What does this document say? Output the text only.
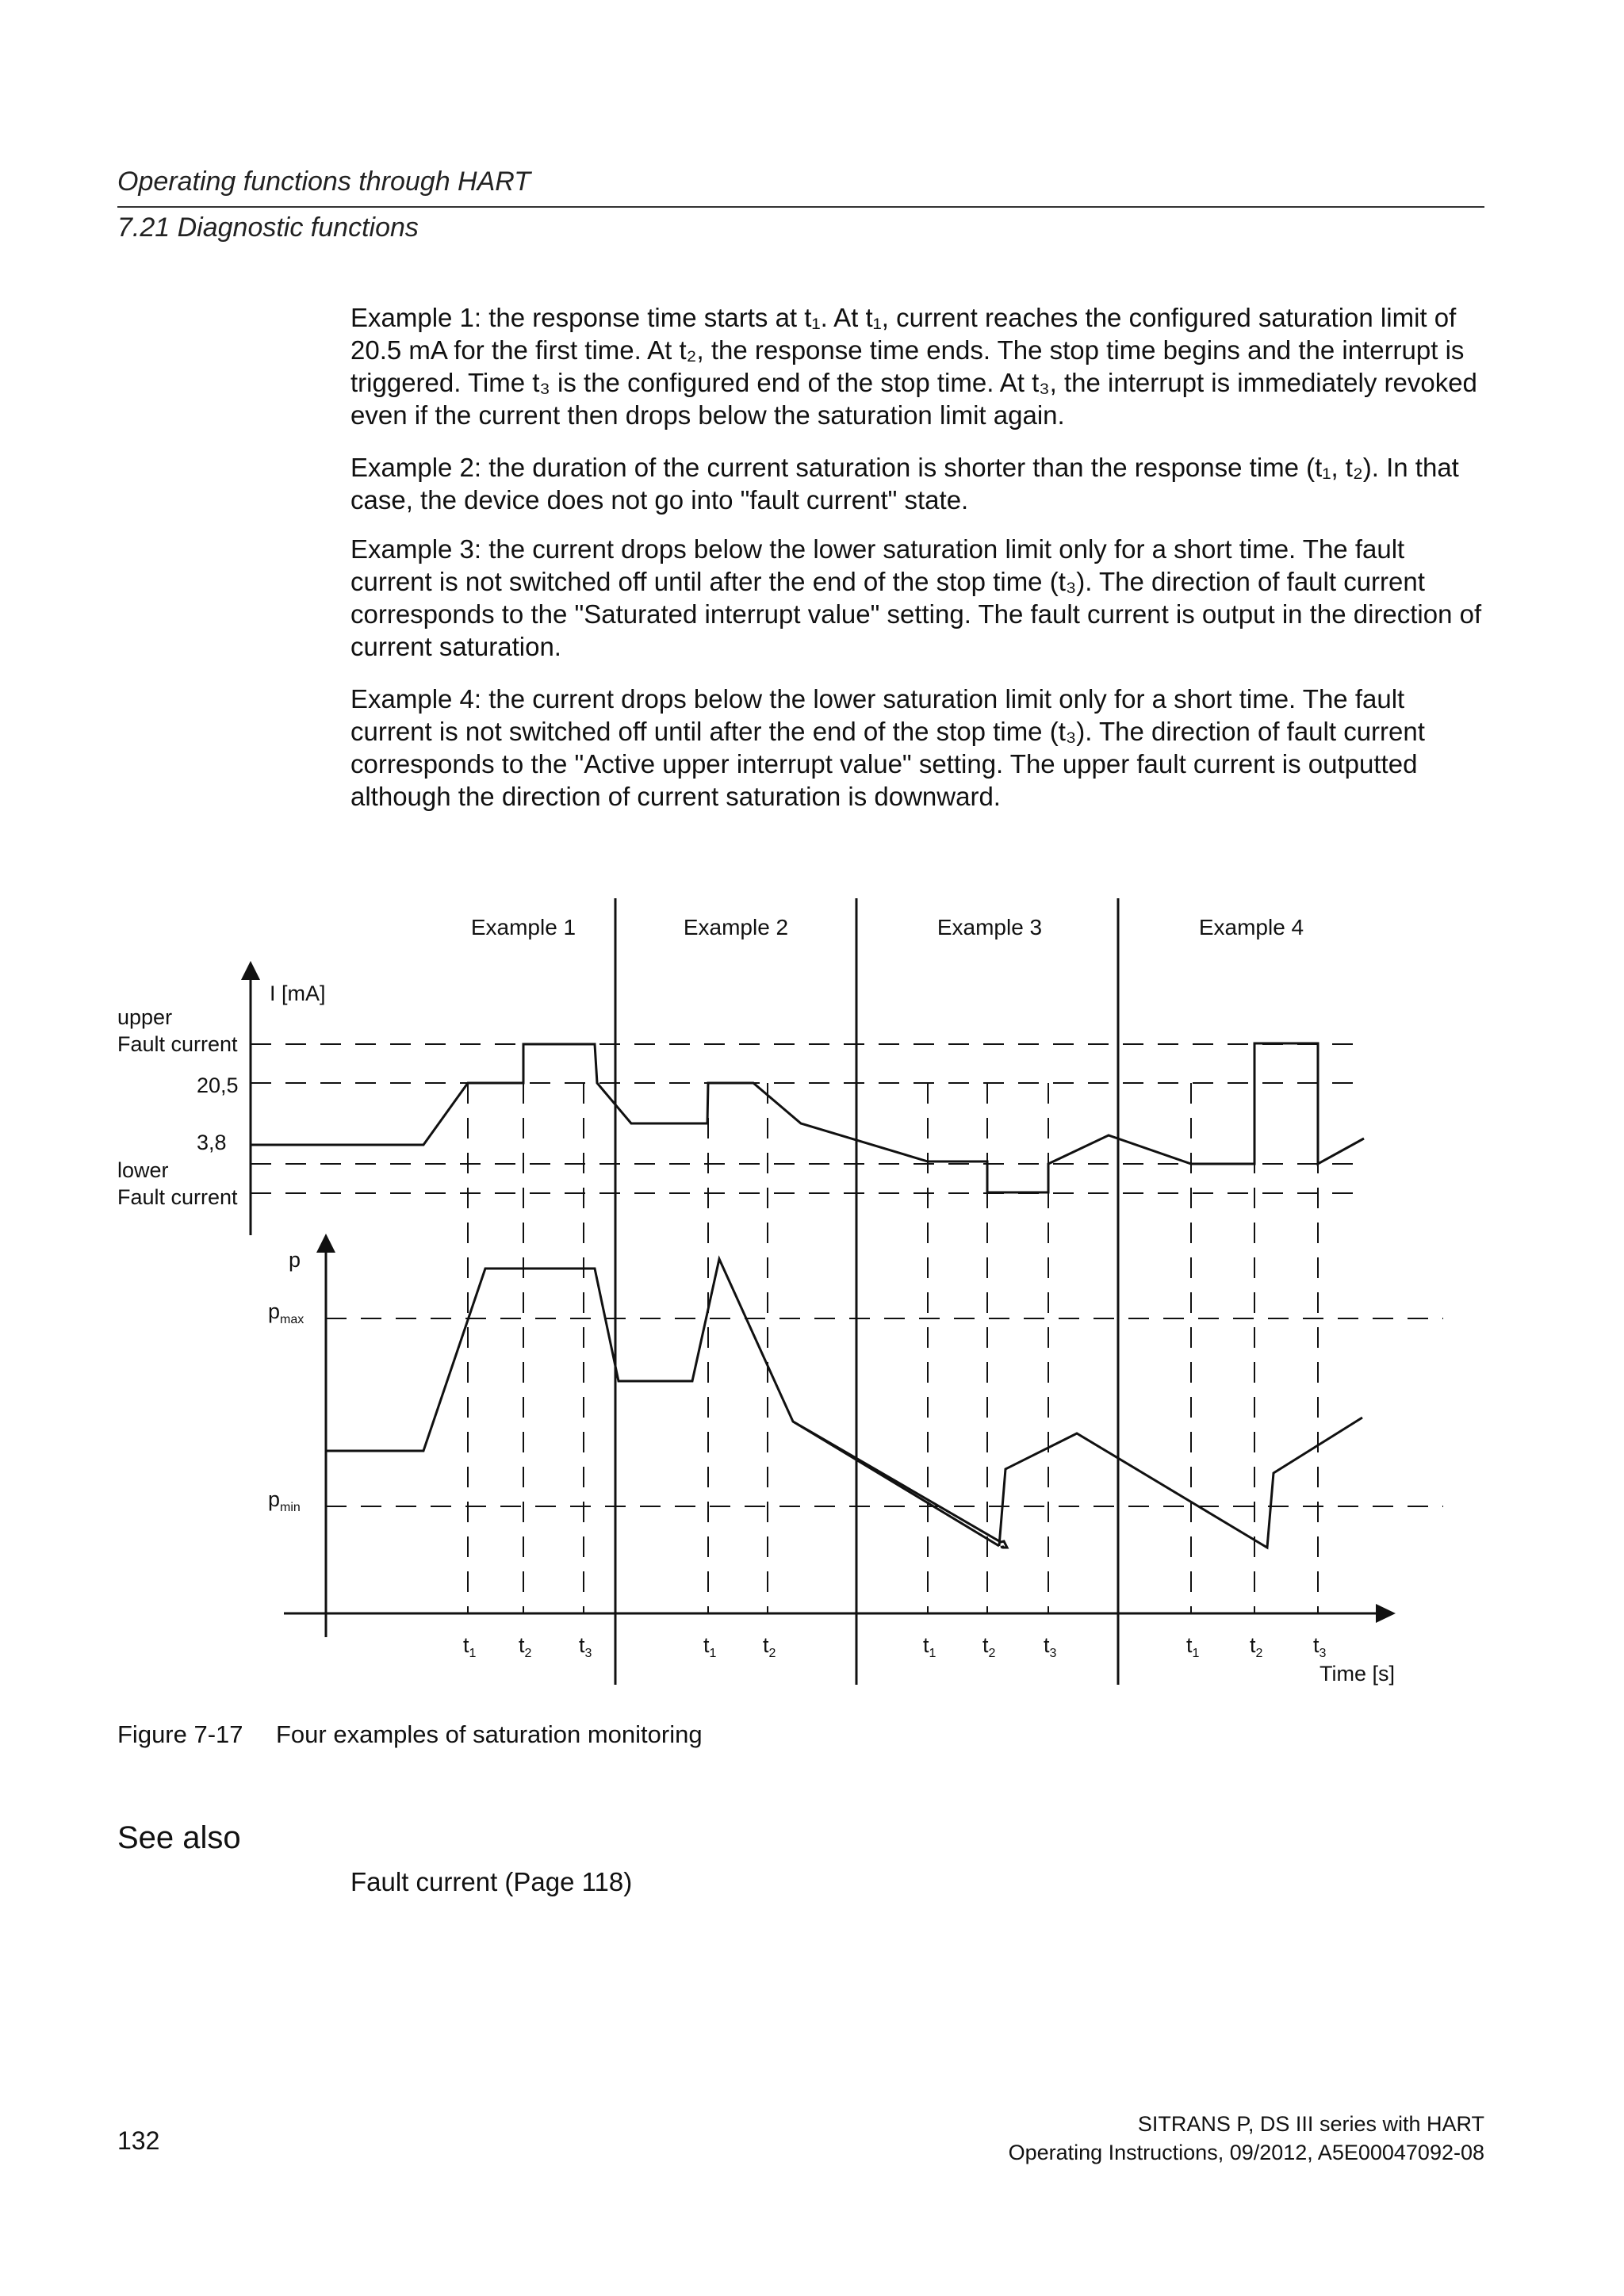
Operating functions through HART
7.21 Diagnostic functions
Example 1: the response time starts at t₁. At t₁, current reaches the configured saturation limit of 20.5 mA for the first time. At t₂, the response time ends. The stop time begins and the interrupt is triggered. Time t₃ is the configured end of the stop time. At t₃, the interrupt is immediately revoked even if the current then drops below the saturation limit again.
Example 2: the duration of the current saturation is shorter than the response time (t₁, t₂). In that case, the device does not go into "fault current" state.
Example 3: the current drops below the lower saturation limit only for a short time. The fault current is not switched off until after the end of the stop time (t₃). The direction of fault current corresponds to the "Saturated interrupt value" setting. The fault current is output in the direction of current saturation.
Example 4: the current drops below the lower saturation limit only for a short time. The fault current is not switched off until after the end of the stop time (t₃). The direction of fault current corresponds to the "Active upper interrupt value" setting. The upper fault current is outputted although the direction of current saturation is downward.
Example 1	Example 2	Example 3	Example 4
I [mA]
upper
Fault current
20,5
3,8
lower
Fault current
p
$p_{max}$
$p_{min}$
Time [s]
$t_1$ $t_2$ $t_3$	$t_1$ $t_2$	$t_1$ $t_2$ $t_3$	$t_1$ $t_2$ $t_3$
Figure 7-17 Four examples of saturation monitoring
See also
Fault current (Page 118)
132
SITRANS P, DS III series with HART
Operating Instructions, 09/2012, A5E00047092-08
